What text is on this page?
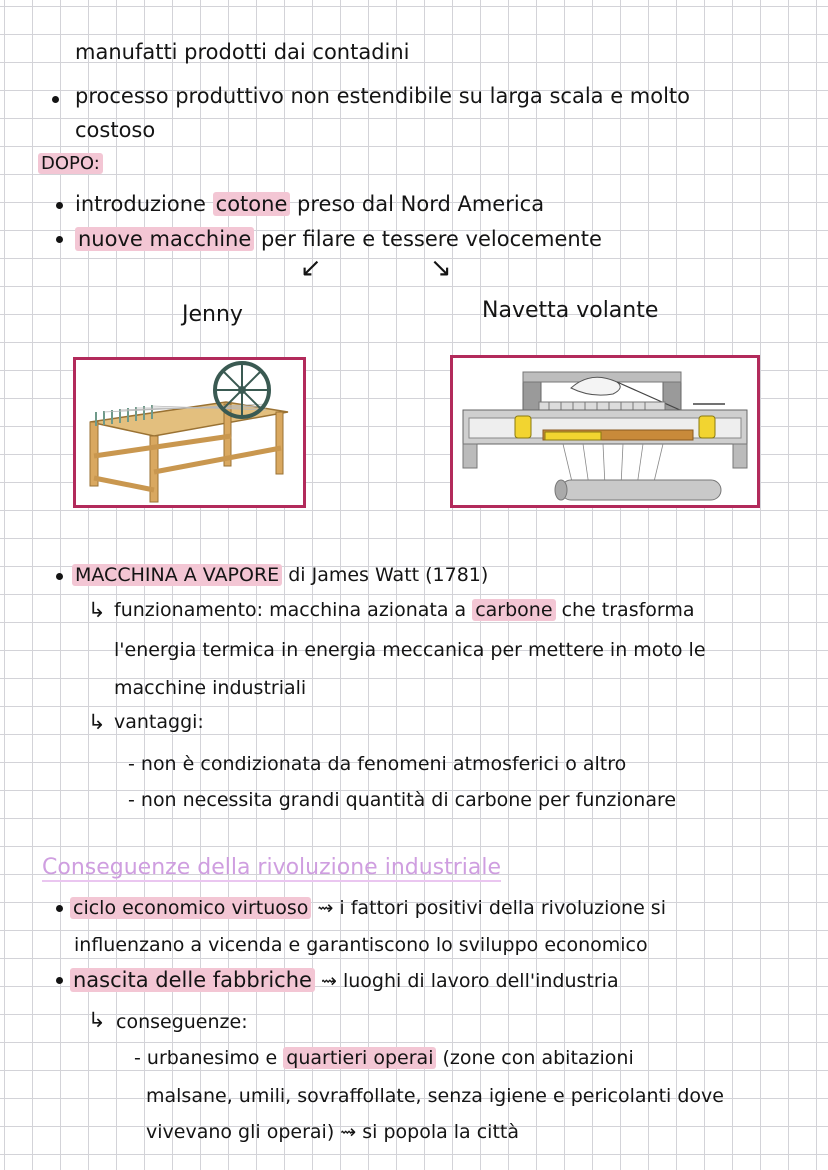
manufatti prodotti dai contadini
processo produttivo non estendibile su larga scala e molto
costoso
DOPO:
introduzione cotone preso dal Nord America
nuove macchine per filare e tessere velocemente
↙	↘
Jenny	Navetta volante
MACCHINA A VAPORE di James Watt (1781)
↳ funzionamento: macchina azionata a carbone che trasforma
l'energia termica in energia meccanica per mettere in moto le
macchine industriali
↳ vantaggi:
- non è condizionata da fenomeni atmosferici o altro
- non necessita grandi quantità di carbone per funzionare
Conseguenze della rivoluzione industriale
ciclo economico virtuoso ⇝ i fattori positivi della rivoluzione si
influenzano a vicenda e garantiscono lo sviluppo economico
nascita delle fabbriche ⇝ luoghi di lavoro dell'industria
↳ conseguenze:
- urbanesimo e quartieri operai (zone con abitazioni
malsane, umili, sovraffollate, senza igiene e pericolanti dove
vivevano gli operai) ⇝ si popola la città
